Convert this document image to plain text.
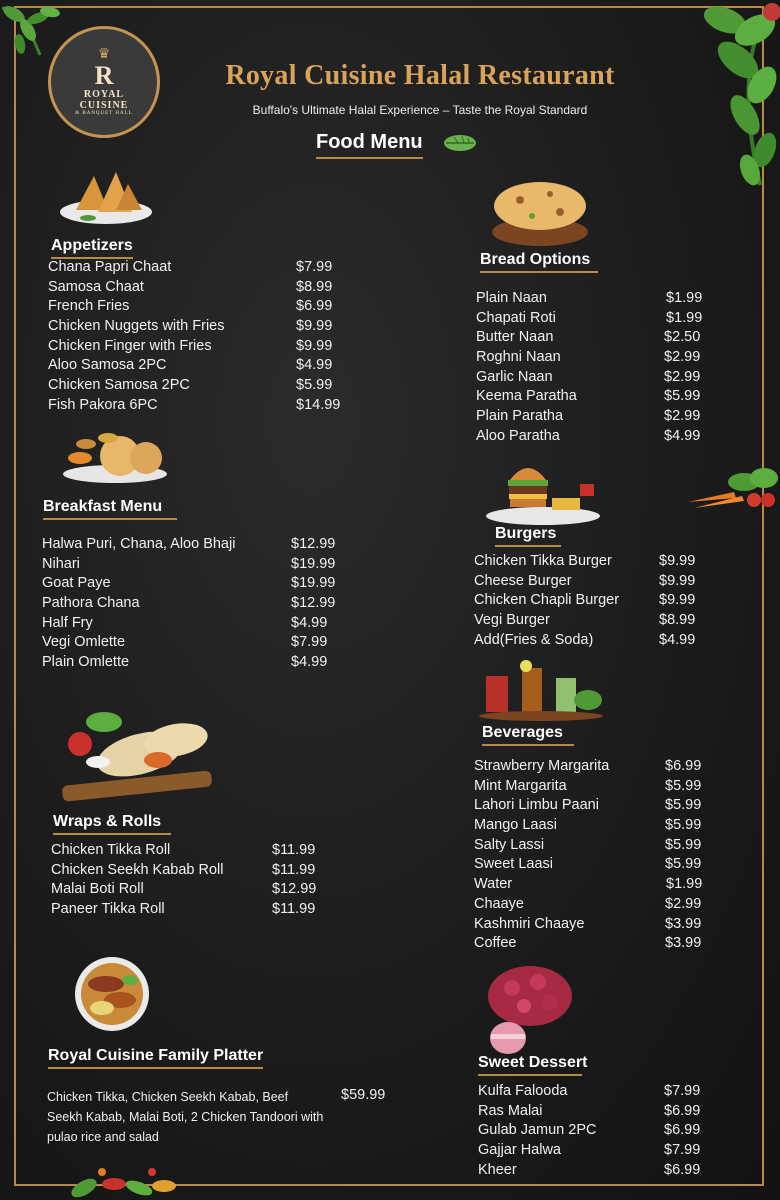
♛
R
ROYAL
CUISINE
& BANQUET HALL
Royal Cuisine Halal Restaurant
Buffalo's Ultimate Halal Experience – Taste the Royal Standard
Food Menu
Appetizers
Chana Papri Chaat	$7.99
Samosa Chaat	$8.99
French Fries	$6.99
Chicken Nuggets with Fries	$9.99
Chicken Finger with Fries	$9.99
Aloo Samosa 2PC	$4.99
Chicken Samosa 2PC	$5.99
Fish Pakora 6PC	$14.99
Breakfast Menu
Halwa Puri, Chana, Aloo Bhaji	$12.99
Nihari	$19.99
Goat Paye	$19.99
Pathora Chana	$12.99
Half Fry	$4.99
Vegi Omlette	$7.99
Plain Omlette	$4.99
Wraps & Rolls
Chicken Tikka Roll	$11.99
Chicken Seekh Kabab Roll	$11.99
Malai Boti Roll	$12.99
Paneer Tikka Roll	$11.99
Royal Cuisine Family Platter
Chicken Tikka, Chicken Seekh Kabab, Beef Seekh Kabab, Malai Boti, 2 Chicken Tandoori with pulao rice and salad
$59.99
Bread Options
Plain Naan	$1.99
Chapati Roti	$1.99
Butter Naan	$2.50
Roghni Naan	$2.99
Garlic Naan	$2.99
Keema Paratha	$5.99
Plain Paratha	$2.99
Aloo Paratha	$4.99
Burgers
Chicken Tikka Burger	$9.99
Cheese Burger	$9.99
Chicken Chapli Burger	$9.99
Vegi Burger	$8.99
Add(Fries & Soda)	$4.99
Beverages
Strawberry Margarita	$6.99
Mint Margarita	$5.99
Lahori Limbu Paani	$5.99
Mango Laasi	$5.99
Salty Lassi	$5.99
Sweet Laasi	$5.99
Water	$1.99
Chaaye	$2.99
Kashmiri Chaaye	$3.99
Coffee	$3.99
Sweet Dessert
Kulfa Falooda	$7.99
Ras Malai	$6.99
Gulab Jamun 2PC	$6.99
Gajjar Halwa	$7.99
Kheer	$6.99
